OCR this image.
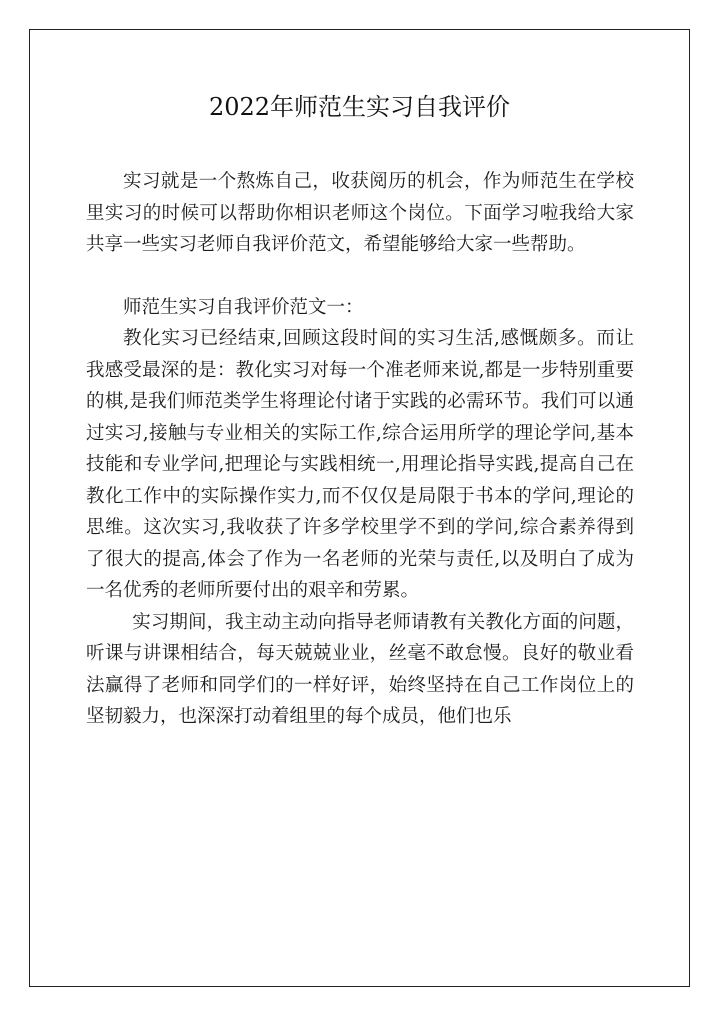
2022年师范生实习自我评价

实习就是一个熬炼自己，收获阅历的机会，作为师范生在学校里实习的时候可以帮助你相识老师这个岗位。下面学习啦我给大家共享一些实习老师自我评价范文，希望能够给大家一些帮助。

师范生实习自我评价范文一：

教化实习已经结束,回顾这段时间的实习生活,感慨颇多。而让我感受最深的是：教化实习对每一个准老师来说,都是一步特别重要的棋,是我们师范类学生将理论付诸于实践的必需环节。我们可以通过实习,接触与专业相关的实际工作,综合运用所学的理论学问,基本技能和专业学问,把理论与实践相统一,用理论指导实践,提高自己在教化工作中的实际操作实力,而不仅仅是局限于书本的学问,理论的思维。这次实习,我收获了许多学校里学不到的学问,综合素养得到了很大的提高,体会了作为一名老师的光荣与责任,以及明白了成为一名优秀的老师所要付出的艰辛和劳累。

实习期间，我主动主动向指导老师请教有关教化方面的问题，听课与讲课相结合，每天兢兢业业，丝毫不敢怠慢。良好的敬业看法赢得了老师和同学们的一样好评，始终坚持在自己工作岗位上的坚韧毅力，也深深打动着组里的每个成员，他们也乐
